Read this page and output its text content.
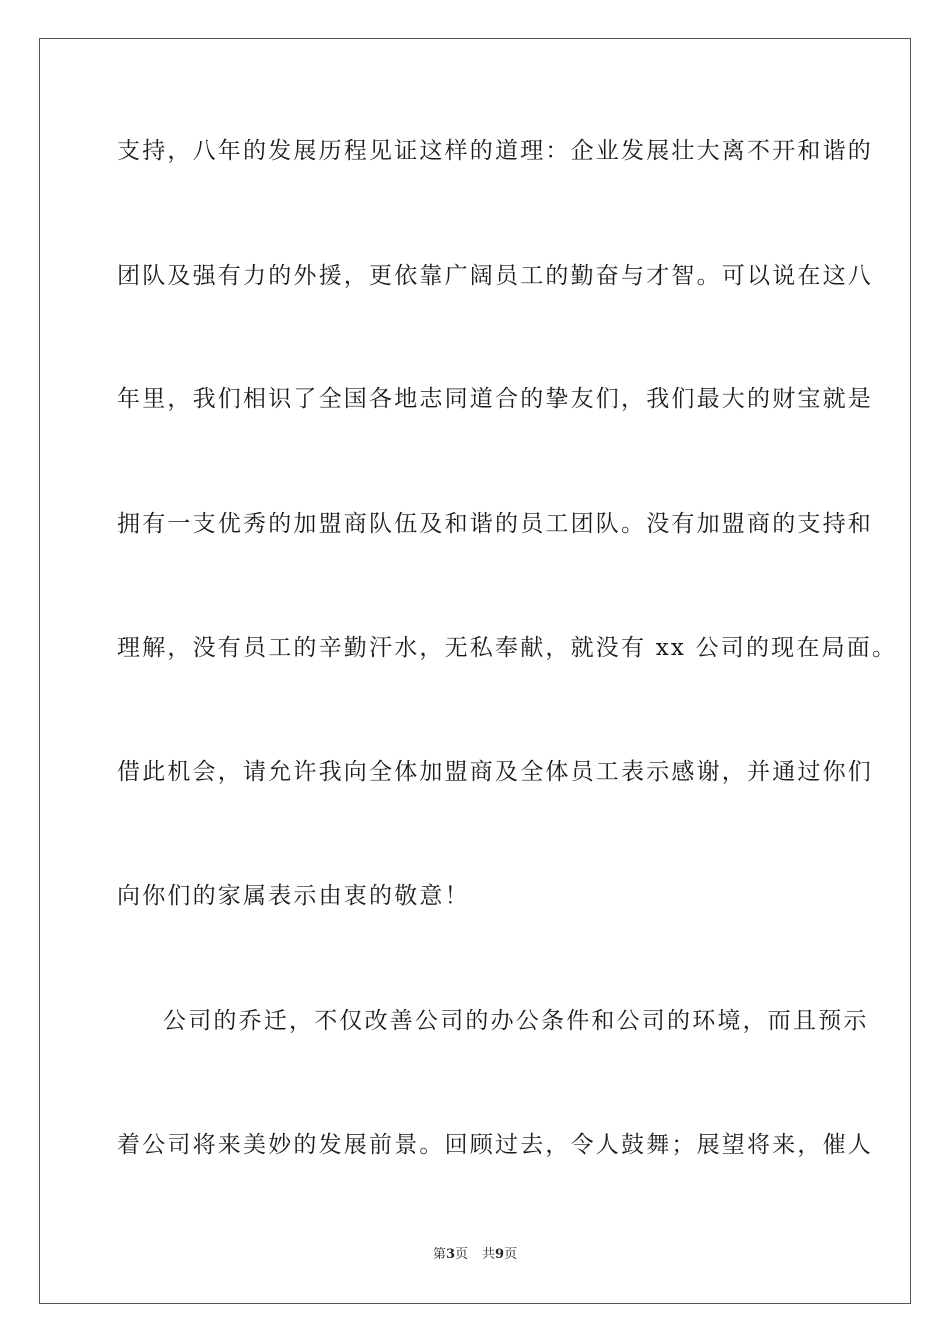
支持，八年的发展历程见证这样的道理：企业发展壮大离不开和谐的
团队及强有力的外援，更依靠广阔员工的勤奋与才智。可以说在这八
年里，我们相识了全国各地志同道合的挚友们，我们最大的财宝就是
拥有一支优秀的加盟商队伍及和谐的员工团队。没有加盟商的支持和
理解，没有员工的辛勤汗水，无私奉献，就没有 xx 公司的现在局面。
借此机会，请允许我向全体加盟商及全体员工表示感谢，并通过你们
向你们的家属表示由衷的敬意！
公司的乔迁，不仅改善公司的办公条件和公司的环境，而且预示
着公司将来美妙的发展前景。回顾过去，令人鼓舞；展望将来，催人
第3页 共9页
